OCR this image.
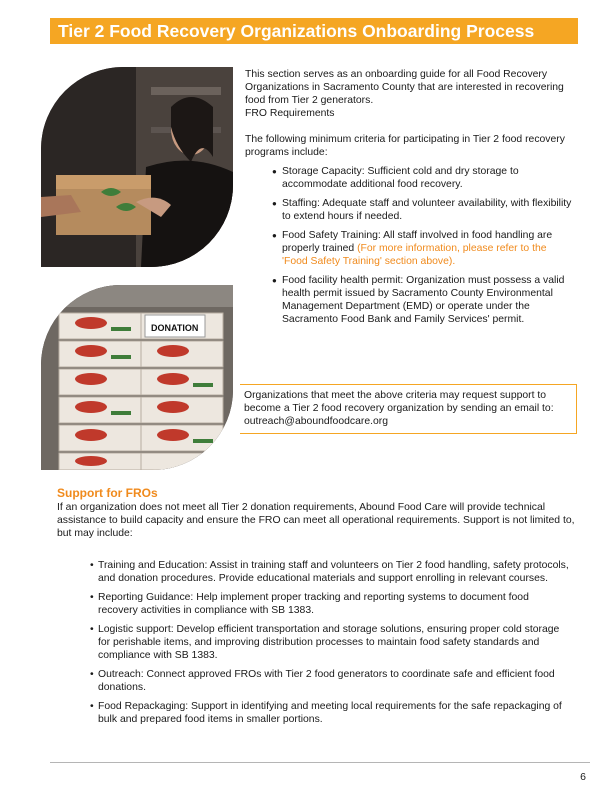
Tier 2 Food Recovery Organizations Onboarding Process
DONATION

This section serves as an onboarding guide for all Food Recovery Organizations in Sacramento County that are interested in recovering food from Tier 2 generators.

FRO Requirements

The following minimum criteria for participating in Tier 2 food recovery programs include:

● Storage Capacity: Sufficient cold and dry storage to accommodate additional food recovery.
● Staffing: Adequate staff and volunteer availability, with flexibility to extend hours if needed.
● Food Safety Training: All staff involved in food handling are properly trained (For more information, please refer to the 'Food Safety Training' section above).
● Food facility health permit: Organization must possess a valid health permit issued by Sacramento County Environmental Management Department (EMD) or operate under the Sacramento Food Bank and Family Services' permit.
Organizations that meet the above criteria may request support to become a Tier 2 food recovery organization by sending an email to: outreach@aboundfoodcare.org
Support for FROs
If an organization does not meet all Tier 2 donation requirements, Abound Food Care will provide technical assistance to build capacity and ensure the FRO can meet all operational requirements. Support is not limited to, but may include:
• Training and Education: Assist in training staff and volunteers on Tier 2 food handling, safety protocols, and donation procedures. Provide educational materials and support enrolling in relevant courses.
• Reporting Guidance: Help implement proper tracking and reporting systems to document food recovery activities in compliance with SB 1383.
• Logistic support: Develop efficient transportation and storage solutions, ensuring proper cold storage for perishable items, and improving distribution processes to maintain food safety standards and compliance with SB 1383.
• Outreach: Connect approved FROs with Tier 2 food generators to coordinate safe and efficient food donations.
• Food Repackaging: Support in identifying and meeting local requirements for the safe repackaging of bulk and prepared food items in smaller portions.
6
